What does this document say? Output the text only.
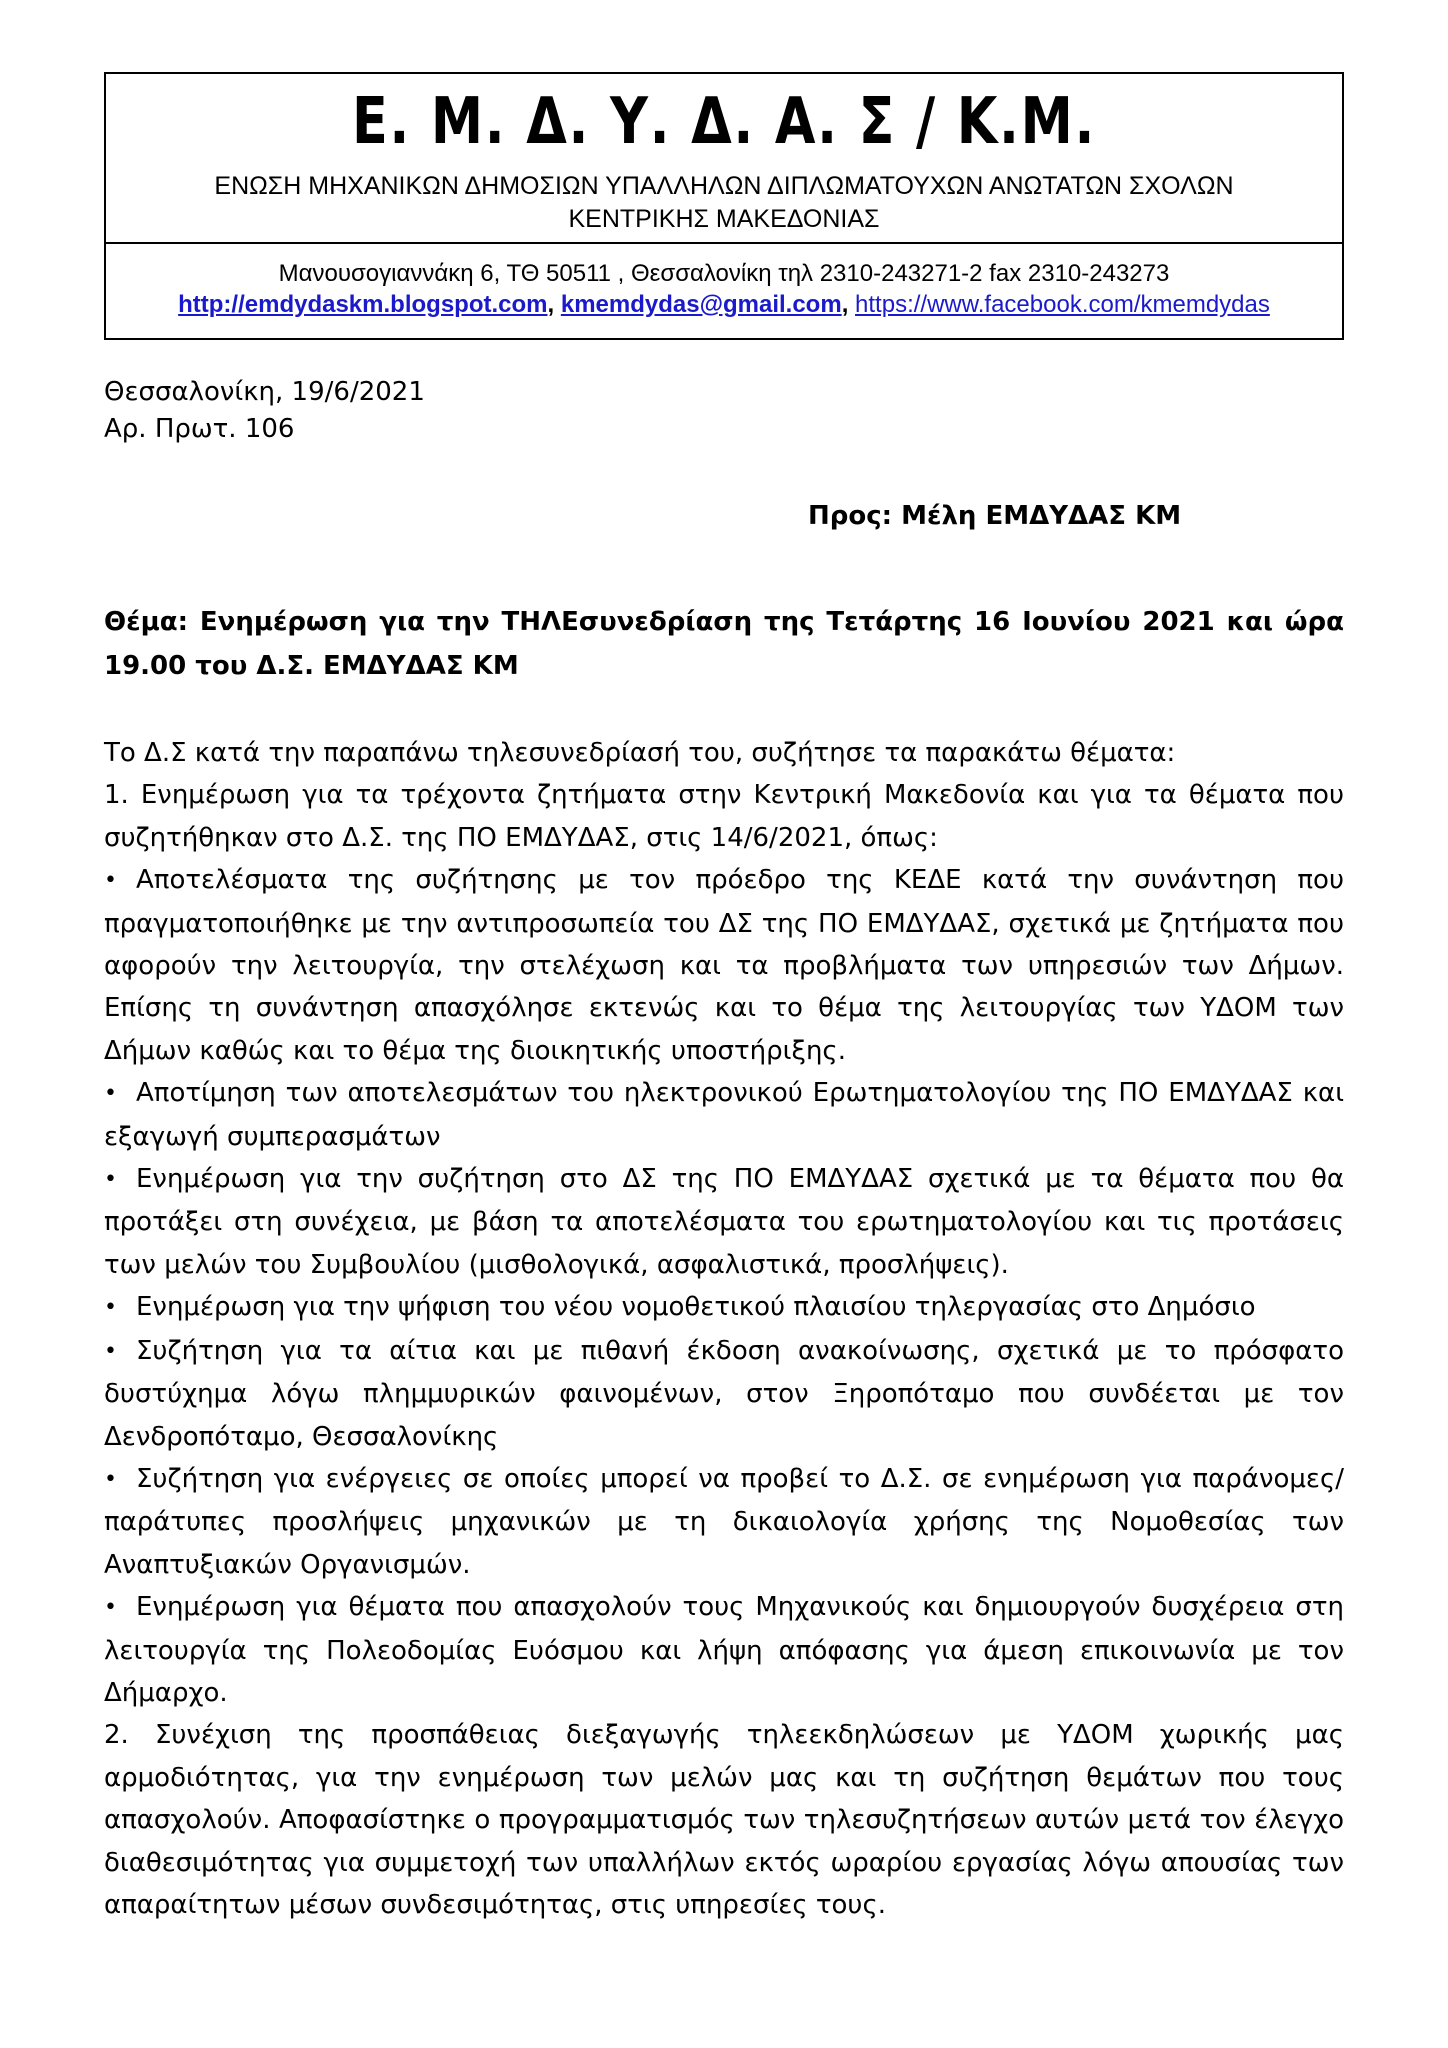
Ε. Μ. Δ. Υ. Δ. Α. Σ / Κ.Μ.
ΕΝΩΣΗ ΜΗΧΑΝΙΚΩΝ ΔΗΜΟΣΙΩΝ ΥΠΑΛΛΗΛΩΝ ΔΙΠΛΩΜΑΤΟΥΧΩΝ ΑΝΩΤΑΤΩΝ ΣΧΟΛΩΝ
ΚΕΝΤΡΙΚΗΣ ΜΑΚΕΔΟΝΙΑΣ
Μανουσογιαννάκη 6, ΤΘ 50511 , Θεσσαλονίκη τηλ 2310-243271-2 fax 2310-243273
http://emdydaskm.blogspot.com, kmemdydas@gmail.com, https://www.facebook.com/kmemdydas
Θεσσαλονίκη, 19/6/2021
Αρ. Πρωτ. 106
Προς: Μέλη ΕΜΔΥΔΑΣ ΚΜ
Θέμα: Ενημέρωση για την ΤΗΛΕσυνεδρίαση της Τετάρτης 16 Ιουνίου 2021 και ώρα 19.00 του Δ.Σ. ΕΜΔΥΔΑΣ ΚΜ

Το Δ.Σ κατά την παραπάνω τηλεσυνεδρίασή του, συζήτησε τα παρακάτω θέματα:

1. Ενημέρωση για τα τρέχοντα ζητήματα στην Κεντρική Μακεδονία και για τα θέματα που συζητήθηκαν στο Δ.Σ. της ΠΟ ΕΜΔΥΔΑΣ, στις 14/6/2021, όπως:

• Αποτελέσματα της συζήτησης με τον πρόεδρο της ΚΕΔΕ κατά την συνάντηση που πραγματοποιήθηκε με την αντιπροσωπεία του ΔΣ της ΠΟ ΕΜΔΥΔΑΣ, σχετικά με ζητήματα που αφορούν την λειτουργία, την στελέχωση και τα προβλήματα των υπηρεσιών των Δήμων. Επίσης τη συνάντηση απασχόλησε εκτενώς και το θέμα της λειτουργίας των ΥΔΟΜ των Δήμων καθώς και το θέμα της διοικητικής υποστήριξης.

• Αποτίμηση των αποτελεσμάτων του ηλεκτρονικού Ερωτηματολογίου της ΠΟ ΕΜΔΥΔΑΣ και εξαγωγή συμπερασμάτων

• Ενημέρωση για την συζήτηση στο ΔΣ της ΠΟ ΕΜΔΥΔΑΣ σχετικά με τα θέματα που θα προτάξει στη συνέχεια, με βάση τα αποτελέσματα του ερωτηματολογίου και τις προτάσεις των μελών του Συμβουλίου (μισθολογικά, ασφαλιστικά, προσλήψεις).

• Ενημέρωση για την ψήφιση του νέου νομοθετικού πλαισίου τηλεργασίας στο Δημόσιο

• Συζήτηση για τα αίτια και με πιθανή έκδοση ανακοίνωσης, σχετικά με το πρόσφατο δυστύχημα λόγω πλημμυρικών φαινομένων, στον Ξηροπόταμο που συνδέεται με τον Δενδροπόταμο, Θεσσαλονίκης

• Συζήτηση για ενέργειες σε οποίες μπορεί να προβεί το Δ.Σ. σε ενημέρωση για παράνομες/παράτυπες προσλήψεις μηχανικών με τη δικαιολογία χρήσης της Νομοθεσίας των Αναπτυξιακών Οργανισμών.

• Ενημέρωση για θέματα που απασχολούν τους Μηχανικούς και δημιουργούν δυσχέρεια στη λειτουργία της Πολεοδομίας Ευόσμου και λήψη απόφασης για άμεση επικοινωνία με τον Δήμαρχο.

2. Συνέχιση της προσπάθειας διεξαγωγής τηλεεκδηλώσεων με ΥΔΟΜ χωρικής μας αρμοδιότητας, για την ενημέρωση των μελών μας και τη συζήτηση θεμάτων που τους απασχολούν. Αποφασίστηκε ο προγραμματισμός των τηλεσυζητήσεων αυτών μετά τον έλεγχο διαθεσιμότητας για συμμετοχή των υπαλλήλων εκτός ωραρίου εργασίας λόγω απουσίας των απαραίτητων μέσων συνδεσιμότητας, στις υπηρεσίες τους.
